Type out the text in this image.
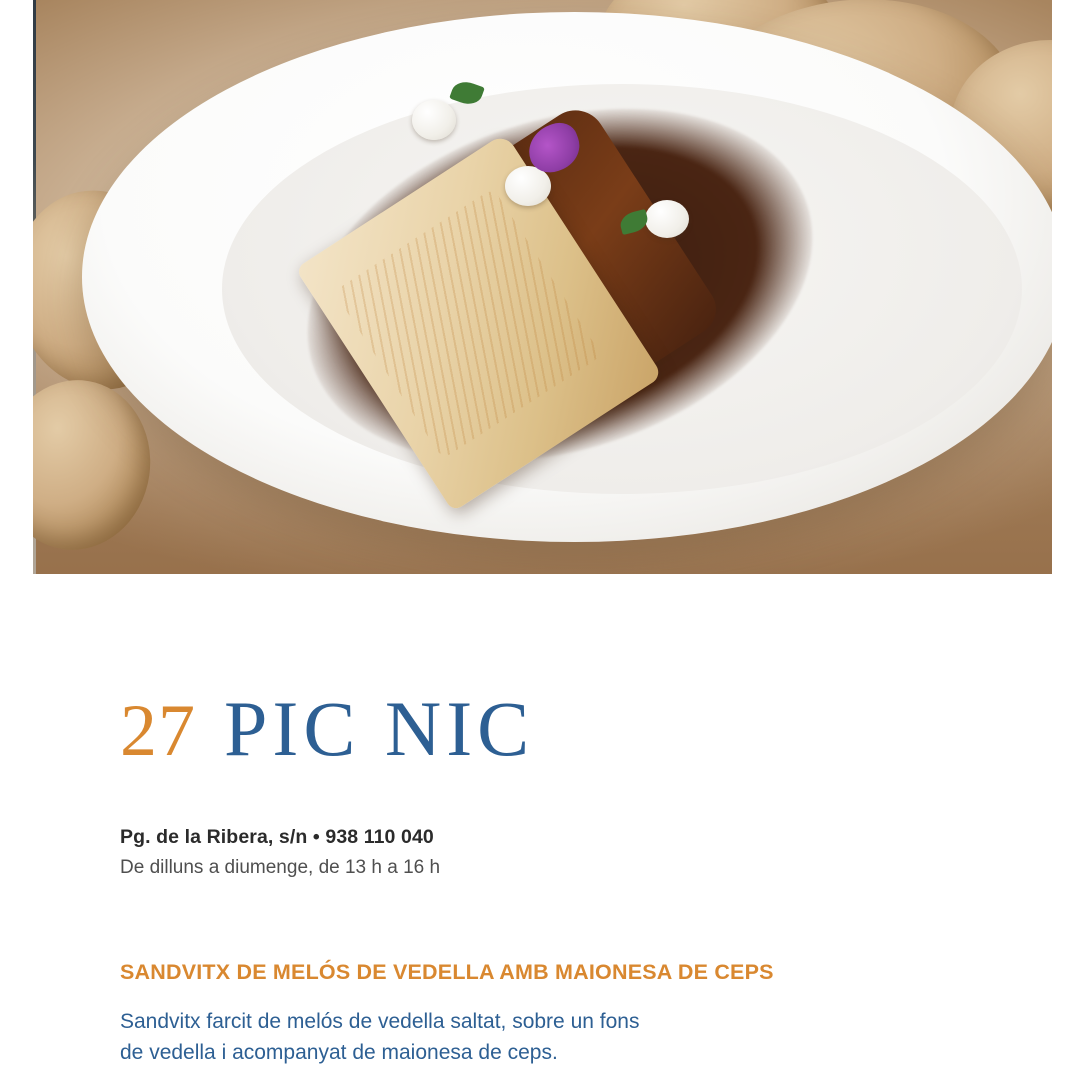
27 PIC NIC
Pg. de la Ribera, s/n • 938 110 040
De dilluns a diumenge, de 13 h a 16 h
SANDVITX DE MELÓS DE VEDELLA AMB MAIONESA DE CEPS
Sandvitx farcit de melós de vedella saltat, sobre un fons
de vedella i acompanyat de maionesa de ceps.
